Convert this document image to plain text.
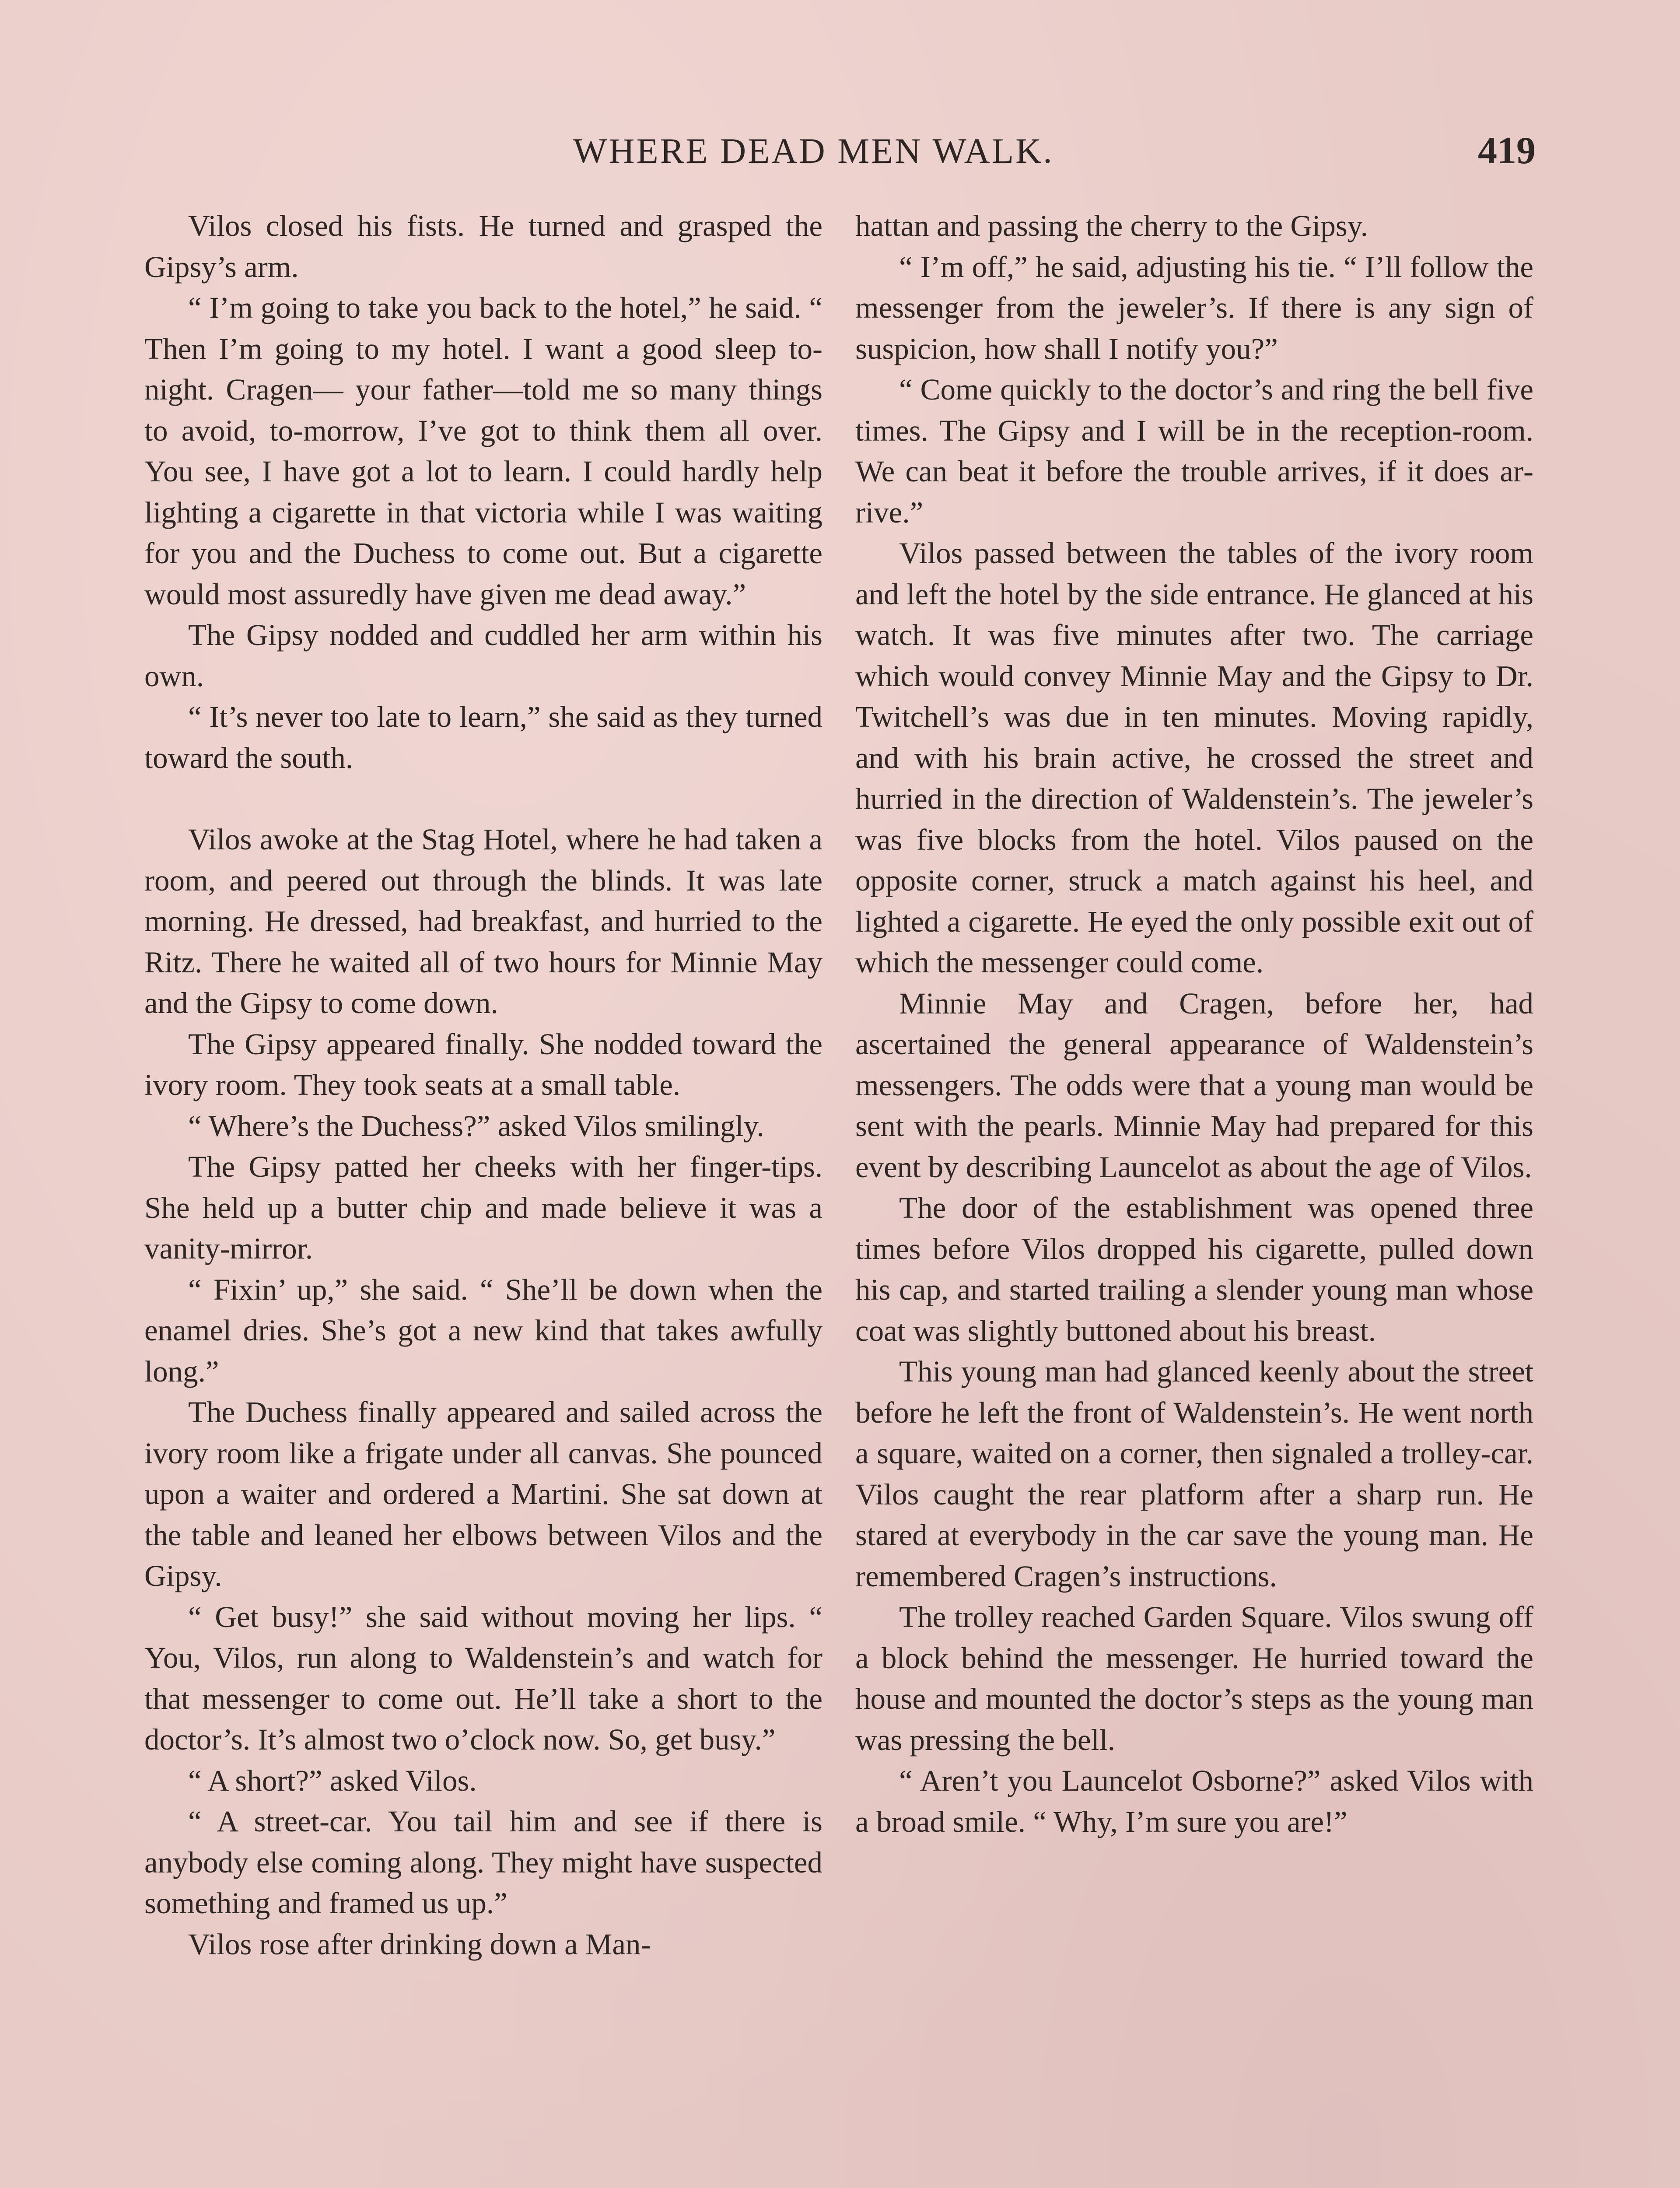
WHERE DEAD MEN WALK.	419

Vilos closed his fists. He turned and grasped the Gipsy’s arm.

“ I’m going to take you back to the hotel,” he said. “ Then I’m going to my hotel. I want a good sleep to-night. Cragen— your father—told me so many things to avoid, to-morrow, I’ve got to think them all over. You see, I have got a lot to learn. I could hardly help lighting a cigarette in that victoria while I was waiting for you and the Duchess to come out. But a cigarette would most assuredly have given me dead away.”

The Gipsy nodded and cuddled her arm within his own.

“ It’s never too late to learn,” she said as they turned toward the south.

Vilos awoke at the Stag Hotel, where he had taken a room, and peered out through the blinds. It was late morning. He dressed, had breakfast, and hurried to the Ritz. There he waited all of two hours for Minnie May and the Gipsy to come down.

The Gipsy appeared finally. She nodded toward the ivory room. They took seats at a small table.

“ Where’s the Duchess?” asked Vilos smilingly.

The Gipsy patted her cheeks with her finger-tips. She held up a butter chip and made believe it was a vanity-mirror.

“ Fixin’ up,” she said. “ She’ll be down when the enamel dries. She’s got a new kind that takes awfully long.”

The Duchess finally appeared and sailed across the ivory room like a frigate under all canvas. She pounced upon a waiter and ordered a Martini. She sat down at the table and leaned her elbows between Vilos and the Gipsy.

“ Get busy!” she said without moving her lips. “ You, Vilos, run along to Waldenstein’s and watch for that messenger to come out. He’ll take a short to the doctor’s. It’s almost two o’clock now. So, get busy.”

“ A short?” asked Vilos.

“ A street-car. You tail him and see if there is anybody else coming along. They might have suspected something and framed us up.”

Vilos rose after drinking down a Man-

hattan and passing the cherry to the Gipsy.

“ I’m off,” he said, adjusting his tie. “ I’ll follow the messenger from the jeweler’s. If there is any sign of suspicion, how shall I notify you?”

“ Come quickly to the doctor’s and ring the bell five times. The Gipsy and I will be in the reception-room. We can beat it before the trouble arrives, if it does arrive.”

Vilos passed between the tables of the ivory room and left the hotel by the side entrance. He glanced at his watch. It was five minutes after two. The carriage which would convey Minnie May and the Gipsy to Dr. Twitchell’s was due in ten minutes. Moving rapidly, and with his brain active, he crossed the street and hurried in the direction of Waldenstein’s. The jeweler’s was five blocks from the hotel. Vilos paused on the opposite corner, struck a match against his heel, and lighted a cigarette. He eyed the only possible exit out of which the messenger could come.

Minnie May and Cragen, before her, had ascertained the general appearance of Waldenstein’s messengers. The odds were that a young man would be sent with the pearls. Minnie May had prepared for this event by describing Launcelot as about the age of Vilos.

The door of the establishment was opened three times before Vilos dropped his cigarette, pulled down his cap, and started trailing a slender young man whose coat was slightly buttoned about his breast.

This young man had glanced keenly about the street before he left the front of Waldenstein’s. He went north a square, waited on a corner, then signaled a trolley-car. Vilos caught the rear platform after a sharp run. He stared at everybody in the car save the young man. He remembered Cragen’s instructions.

The trolley reached Garden Square. Vilos swung off a block behind the messenger. He hurried toward the house and mounted the doctor’s steps as the young man was pressing the bell.

“ Aren’t you Launcelot Osborne?” asked Vilos with a broad smile. “ Why, I’m sure you are!”
